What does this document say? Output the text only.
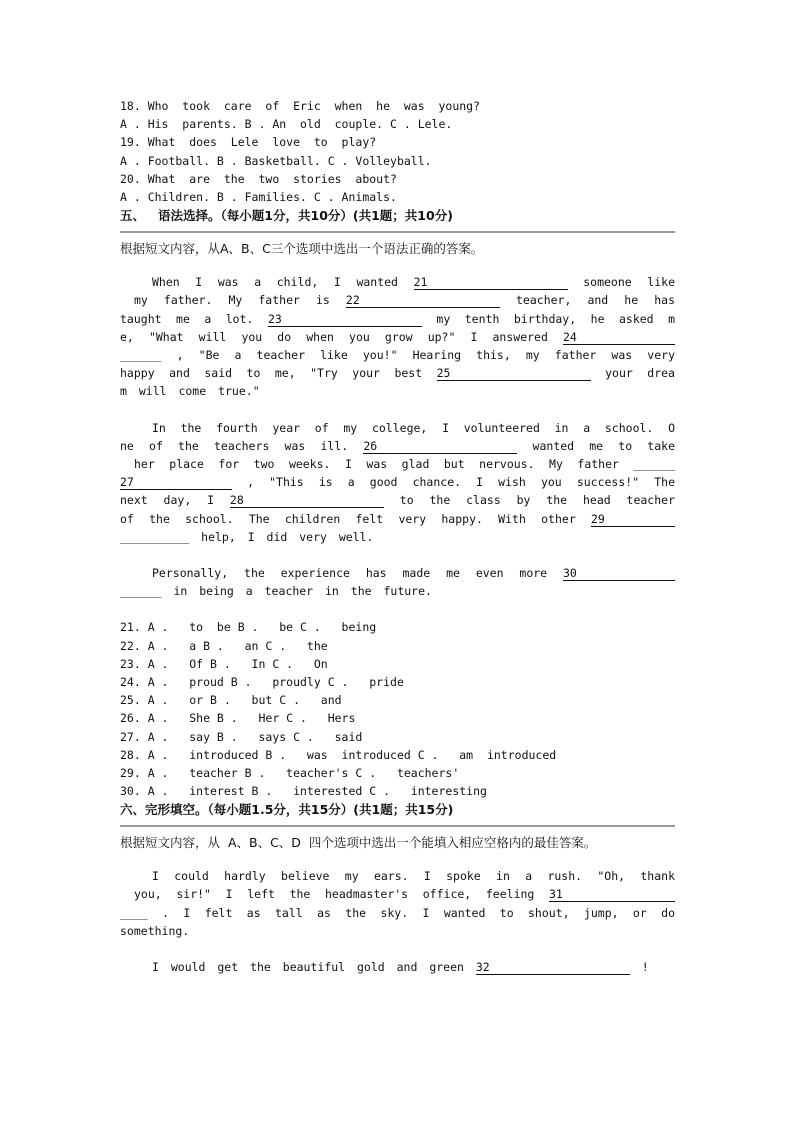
18. Who  took  care  of  Eric  when  he  was  young?
A . His  parents. B . An  old  couple. C . Lele.
19. What  does  Lele  love  to  play?
A . Football. B . Basketball. C . Volleyball.
20. What  are  the  two  stories  about?
A . Children. B . Families. C . Animals.
五、   语法选择。（每小题1分，共10分）(共1题；共10分)
根据短文内容，从A、B、C三个选项中选出一个语法正确的答案。
When I was a child, I wanted 21	someone like
my father. My father is 22	teacher, and he has
taught me a lot. 23	my tenth birthday, he asked m
e, "What will you do when you grow up?" I answered 24
______ , "Be a teacher like you!" Hearing this, my father was very
happy and said to me, "Try your best 25	your drea
m will come true."
In the fourth year of my college, I volunteered in a school. O
ne of the teachers was ill. 26	wanted me to take
her place for two weeks. I was glad but nervous. My father ______
27	, "This is a good chance. I wish you success!" The
next day, I 28	to the class by the head teacher
of the school. The children felt very happy. With other 29
__________ help, I did very well.
Personally, the experience has made me even more 30
______ in being a teacher in the future.
21. A .   to  be B .   be C .   being
22. A .   a B .   an C .   the
23. A .   Of B .   In C .   On
24. A .   proud B .   proudly C .   pride
25. A .   or B .   but C .   and
26. A .   She B .   Her C .   Hers
27. A .   say B .   says C .   said
28. A .   introduced B .   was  introduced C .   am  introduced
29. A .   teacher B .   teacher's C .   teachers'
30. A .   interest B .   interested C .   interesting
六、完形填空。（每小题1.5分，共15分）(共1题；共15分)
根据短文内容，从  A、B、C、D  四个选项中选出一个能填入相应空格内的最佳答案。
I could hardly believe my ears. I spoke in a rush. "Oh, thank
you, sir!" I left the headmaster's office, feeling 31
____ . I felt as tall as the sky. I wanted to shout, jump, or do
something.
I would get the beautiful gold and green 32	!
